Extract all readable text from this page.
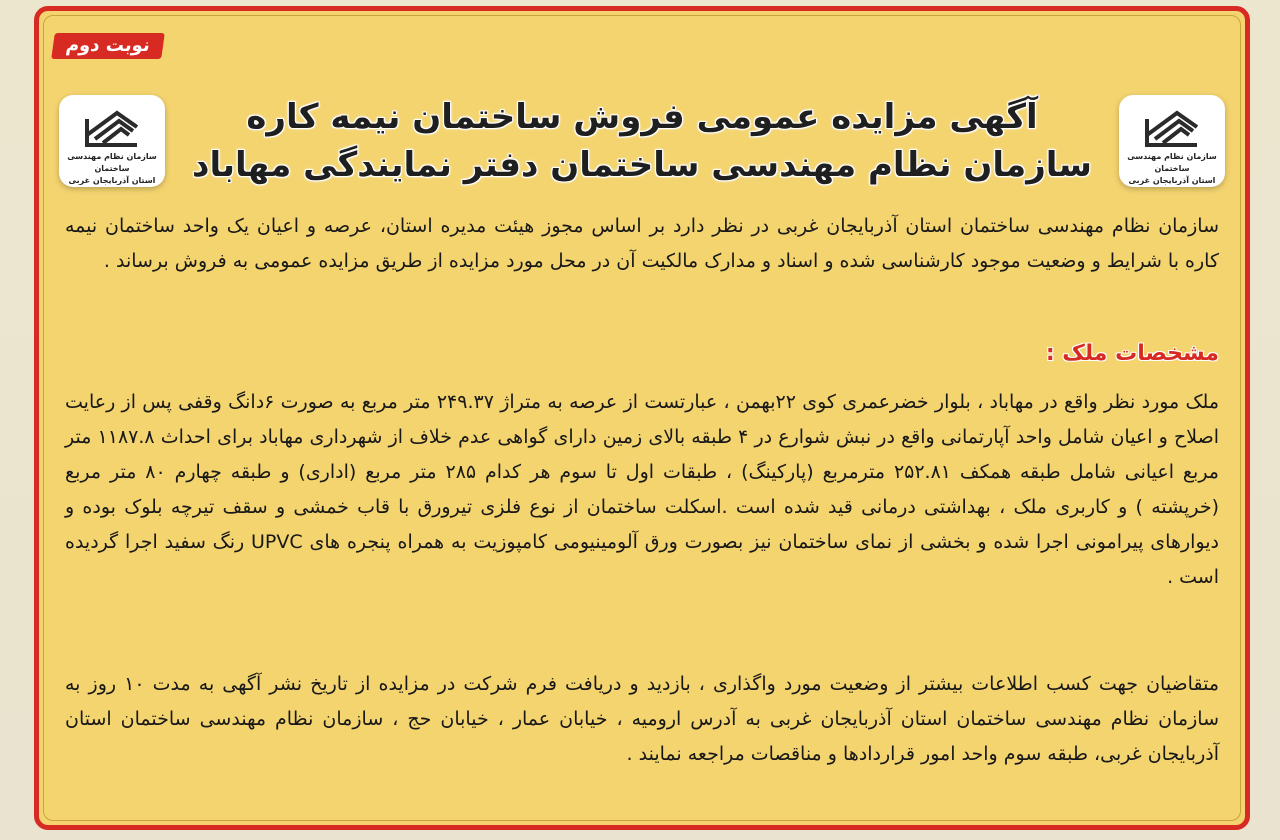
نوبت دوم
سازمان نظام مهندسی ساختمان
استان آذربایجان غربی
سازمان نظام مهندسی ساختمان
استان آذربایجان غربی
آگهی مزایده عمومی فروش ساختمان نیمه کاره
سازمان نظام مهندسی ساختمان دفتر نمایندگی مهاباد

سازمان نظام مهندسی ساختمان استان آذربایجان غربی در نظر دارد بر اساس مجوز هیئت مدیره استان، عرصه و اعیان یک واحد ساختمان نیمه کاره با شرایط و وضعیت موجود کارشناسی شده و اسناد و مدارک مالکیت آن در محل مورد مزایده از طریق مزایده عمومی به فروش برساند .

مشخصات ملک :

ملک مورد نظر واقع در مهاباد ، بلوار خضرعمری کوی ۲۲بهمن ، عبارتست از عرصه به متراژ ۲۴۹.۳۷ متر مربع به صورت ۶دانگ وقفی پس از رعایت اصلاح و اعیان شامل واحد آپارتمانی واقع در نبش شوارع در ۴ طبقه بالای زمین دارای گواهی عدم خلاف از شهرداری مهاباد برای احداث ۱۱۸۷.۸ متر مربع اعیانی شامل طبقه همکف ۲۵۲.۸۱ مترمربع (پارکینگ) ، طبقات اول تا سوم هر کدام ۲۸۵ متر مربع (اداری) و طبقه چهارم ۸۰ متر مربع (خرپشته ) و کاربری ملک ، بهداشتی درمانی قید شده است .اسکلت ساختمان از نوع فلزی تیرورق با قاب خمشی و سقف تیرچه بلوک بوده و دیوارهای پیرامونی اجرا شده و بخشی از نمای ساختمان نیز بصورت ورق آلومینیومی کامپوزیت به همراه پنجره های UPVC رنگ سفید اجرا گردیده است .

متقاضیان جهت کسب اطلاعات بیشتر از وضعیت مورد واگذاری ، بازدید و دریافت فرم شرکت در مزایده از تاریخ نشر آگهی به مدت ۱۰ روز به سازمان نظام مهندسی ساختمان استان آذربایجان غربی به آدرس ارومیه ، خیابان عمار ، خیابان حج ، سازمان نظام مهندسی ساختمان استان آذربایجان غربی، طبقه سوم واحد امور قراردادها و مناقصات مراجعه نمایند .
